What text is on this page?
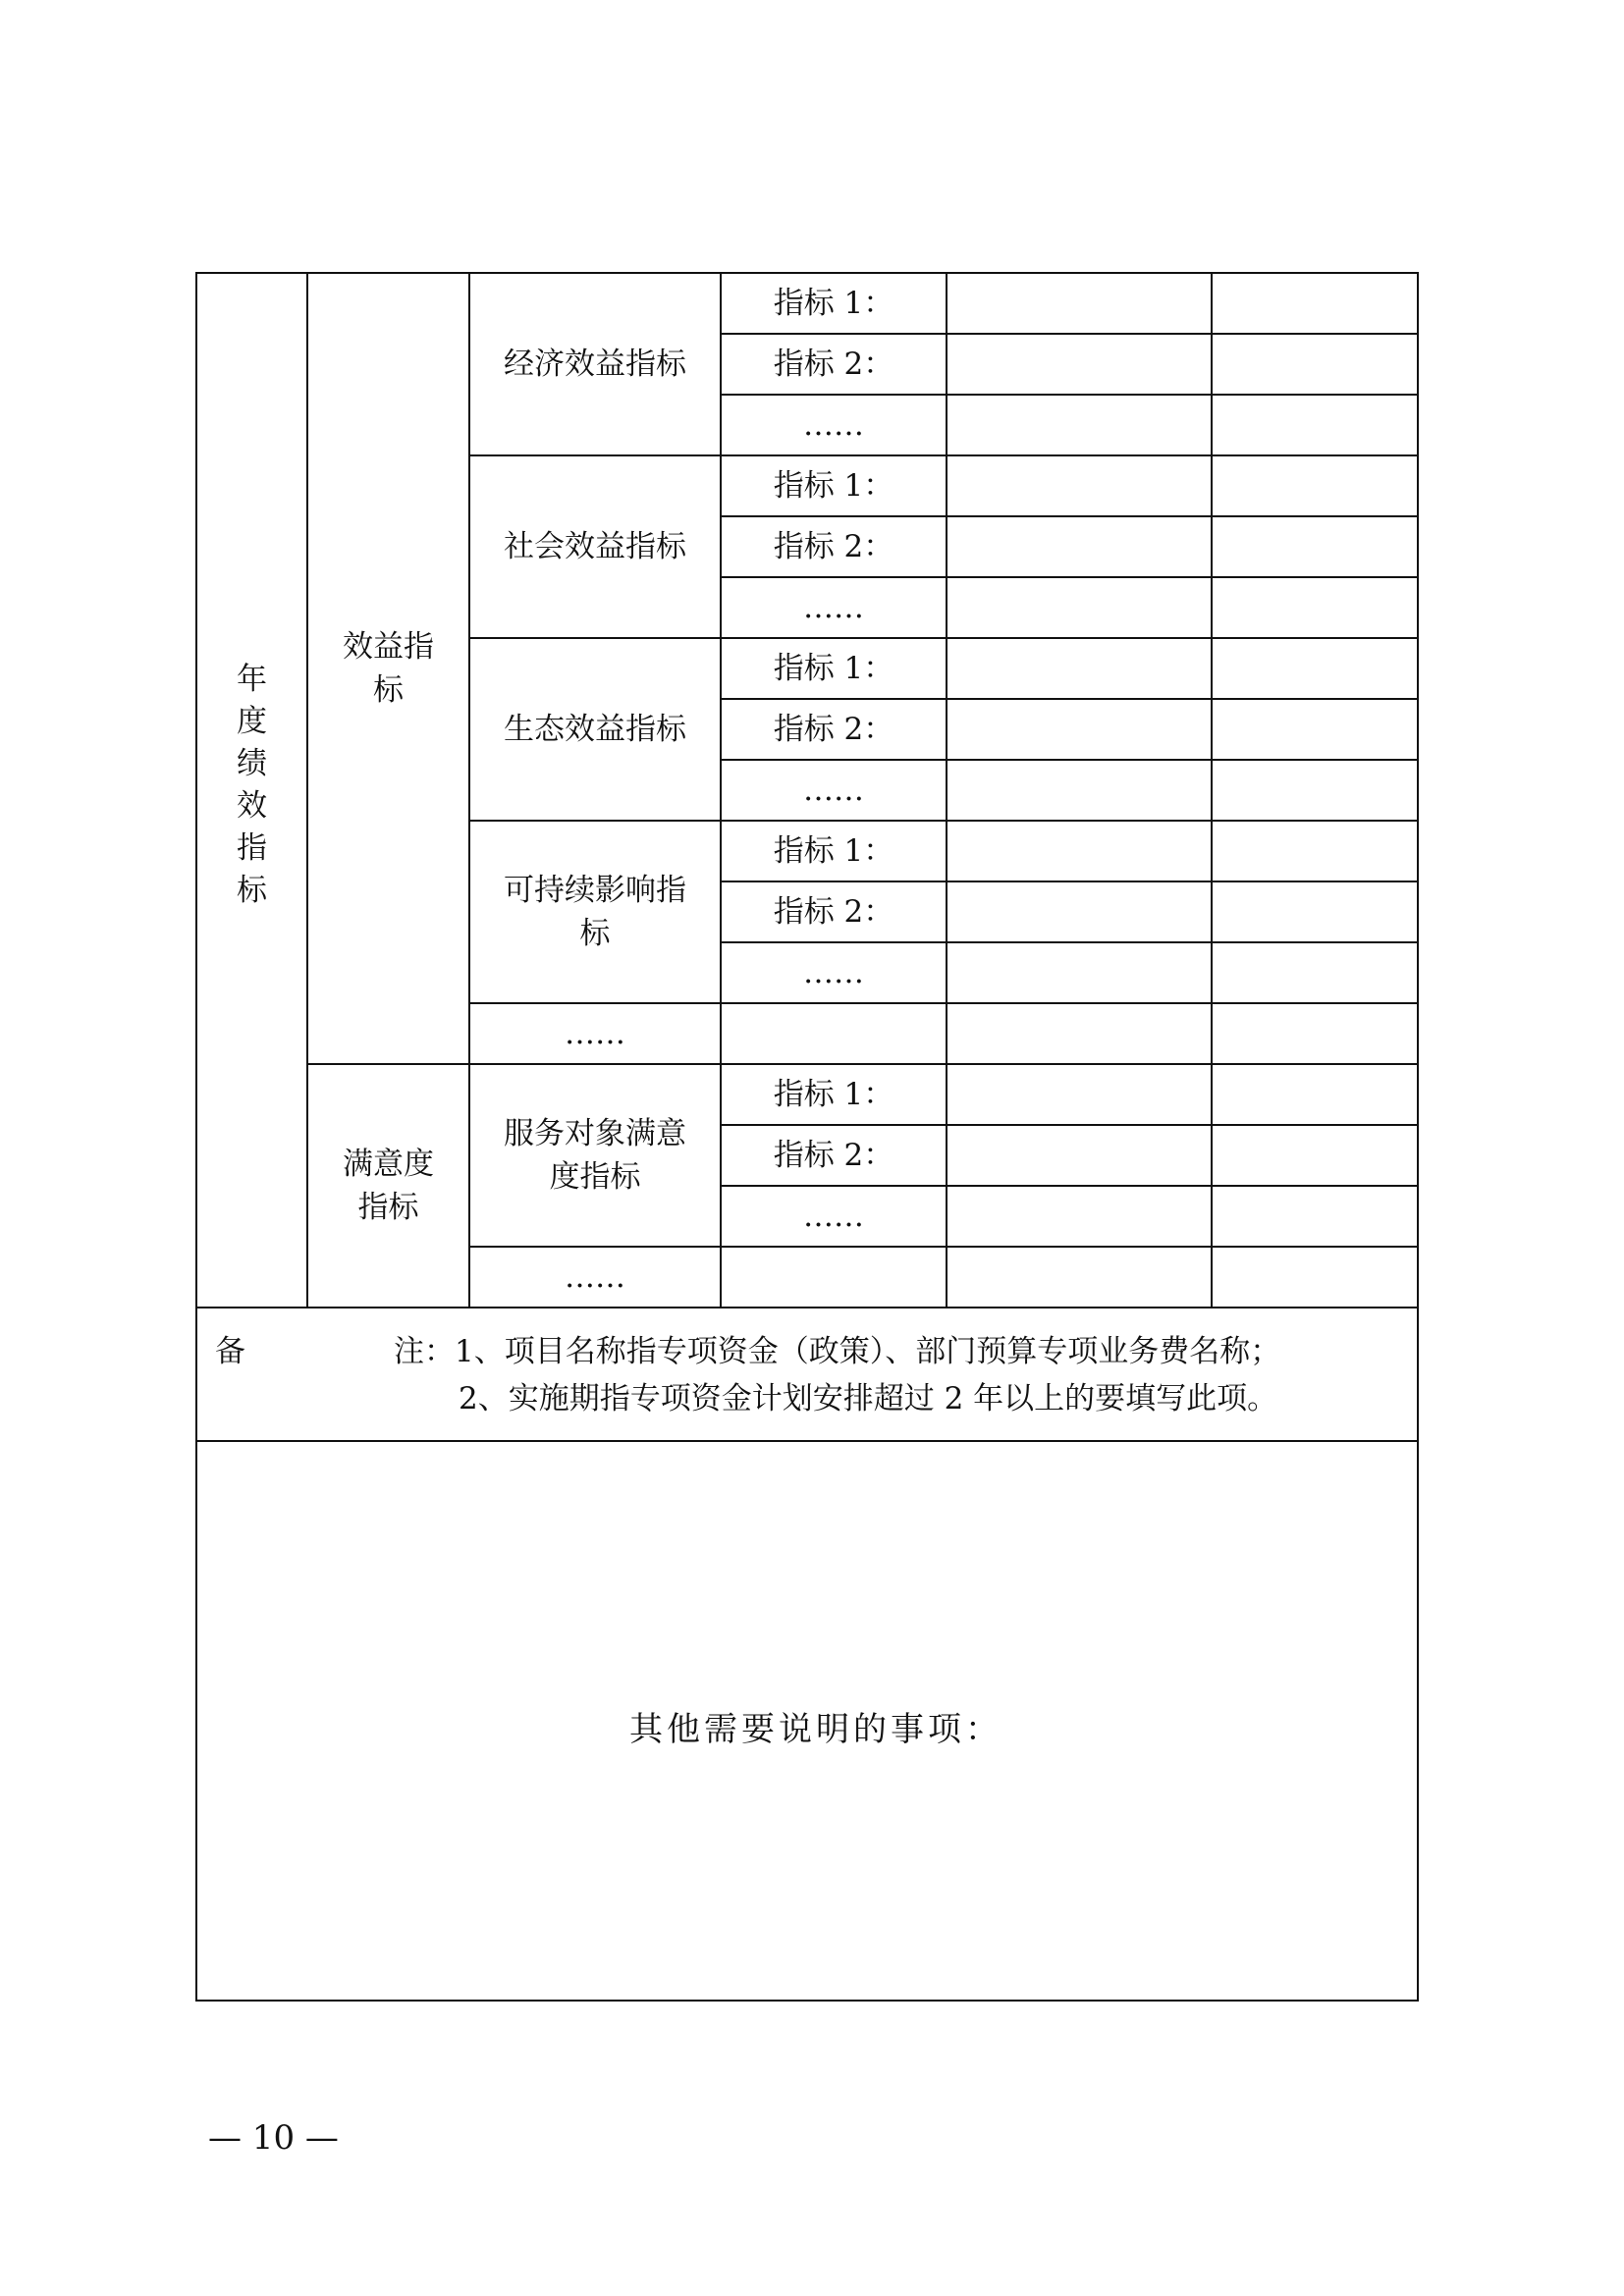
年度绩效指标	效益指标	经济效益指标	指标 1：		
			指标 2：		
			……		
		社会效益指标	指标 1：		
			指标 2：		
			……		
		生态效益指标	指标 1：		
			指标 2：		
			……		
		可持续影响指标	指标 1：		
			指标 2：		
			……		
		……			
	满意度指标	服务对象满意度指标	指标 1：		
			指标 2：		
			……		
		……			

备 注：1、项目名称指专项资金（政策）、部门预算专项业务费名称；
2、实施期指专项资金计划安排超过 2 年以上的要填写此项。					

其他需要说明的事项：					
— 10 —
